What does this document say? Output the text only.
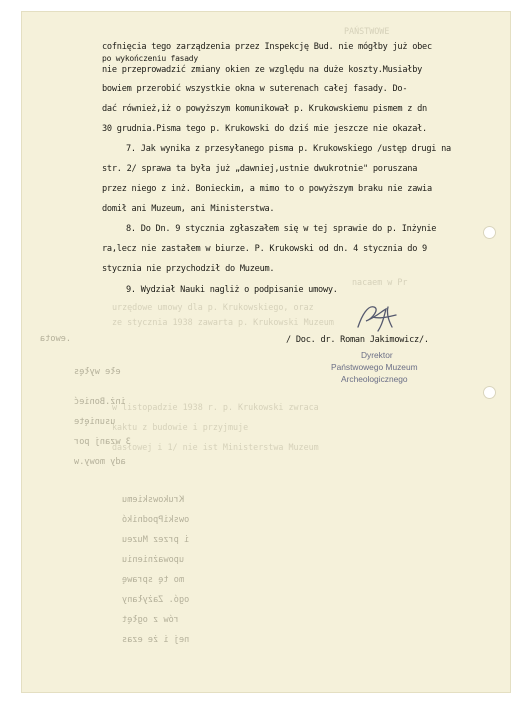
PAŃSTWOWE
cofnięcia tego zarządzenia przez Inspekcję Bud. nie mógłby już obec
po wykończeniu fasady
nie przeprowadzić zmiany okien ze względu na duże koszty.Musiałby
bowiem przerobić wszystkie okna w suterenach całej fasady. Do-
dać również,iż o powyższym komunikował p. Krukowskiemu pismem z dn
30 grudnia.Pisma tego p. Krukowski do dziś mie jeszcze nie okazał.
7. Jak wynika z przesyłanego pisma p. Krukowskiego /ustęp drugi na
str. 2/ sprawa ta była już „dawniej,ustnie dwukrotnie" poruszana
przez niego z inż. Bonieckim, a mimo to o powyższym braku nie zawia
domił ani Muzeum, ani Ministerstwa.
8. Do Dn. 9 stycznia zgłaszałem się w tej sprawie do p. Inżynie
ra,lecz nie zastałem w biurze. P. Krukowski od dn. 4 stycznia do 9
stycznia nie przychodził do Muzeum.
9. Wydział Nauki nagliż o podpisanie umowy.
/ Doc. dr. Roman Jakimowicz/.
Dyrektor
Państwowego Muzeum
Archeologicznego
.ewota
ełe wyłęs
inż.Bonieć
usunięte
3 wzanj por
ady mowy.w
Krukowskiemu
owskiPpodnikó
i przez Muzeu
upoważnieniu
mo tę sprawę
ogó. Zażyłany
rów z ogłęt
nej i że ezas
nacaem w Pr
urzędowe umowy dla p. Krukowskiego, oraz
ze stycznia 1938 zawarta p. Krukowski Muzeum
w listopadzie 1938 r. p. Krukowski zwraca
kaktu z budowie i przyjmuje
dasłowej i 1/ nie ist Ministerstwa Muzeum
